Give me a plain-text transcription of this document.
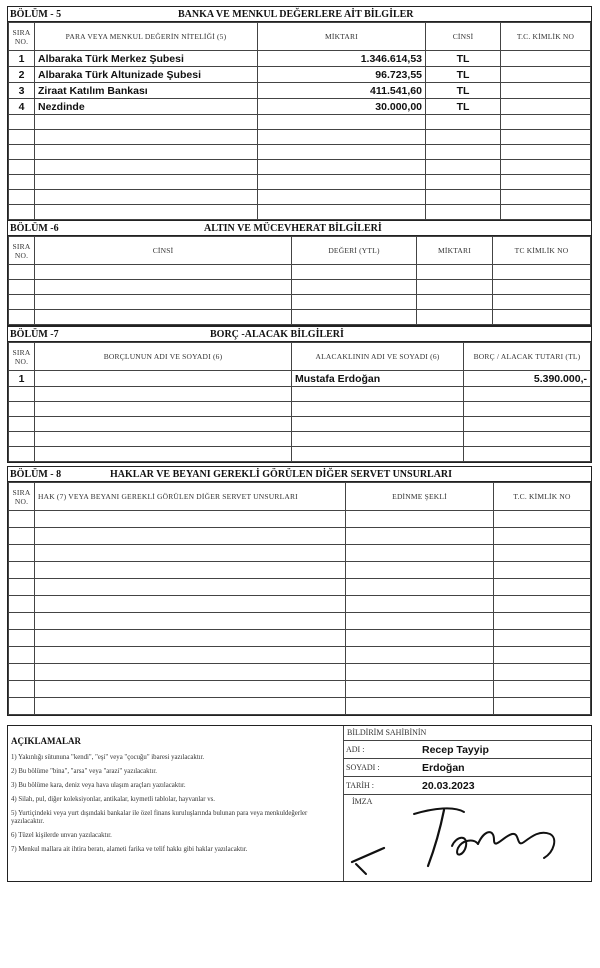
BÖLÜM - 5	BANKA VE MENKUL DEĞERLERE AİT BİLGİLER
SIRA NO.	PARA VEYA MENKUL DEĞERİN NİTELİĞİ (5)	MİKTARI	CİNSİ	T.C. KİMLİK NO
1	Albaraka Türk Merkez Şubesi	1.346.614,53	TL	
2	Albaraka Türk Altunizade Şubesi	96.723,55	TL	
3	Ziraat Katılım Bankası	411.541,60	TL	
4	Nezdinde	30.000,00	TL	

BÖLÜM -6	ALTIN VE MÜCEVHERAT BİLGİLERİ
SIRA NO.	CİNSİ	DEĞERİ (YTL)	MİKTARI	TC KİMLİK NO

BÖLÜM -7	BORÇ -ALACAK BİLGİLERİ
SIRA NO.	BORÇLUNUN ADI VE SOYADI (6)	ALACAKLININ ADI VE SOYADI (6)	BORÇ / ALACAK TUTARI (TL)
1		Mustafa Erdoğan	5.390.000,-

BÖLÜM - 8	HAKLAR VE BEYANI GEREKLİ GÖRÜLEN DİĞER SERVET UNSURLARI
SIRA NO.	HAK (7) VEYA BEYANI GEREKLİ GÖRÜLEN DİĞER SERVET UNSURLARI	EDİNME ŞEKLİ	T.C. KİMLİK NO

AÇIKLAMALAR
1) Yakınlığı sütununa "kendi", "eşi" veya "çocuğu" ibaresi yazılacaktır.
2) Bu bölüme "bina", "arsa" veya "arazi" yazılacaktır.
3) Bu bölüme kara, deniz veya hava ulaşım araçları yazılacaktır.
4) Silah, pul, diğer koleksiyonlar, antikalar, kıymetli tablolar, hayvanlar vs.
5) Yurtiçindeki veya yurt dışındaki bankalar ile özel finans kuruluşlarında bulunan para veya menkuldeğerler yazılacaktır.
6) Tüzel kişilerde unvan yazılacaktır.
7) Menkul mallara ait ihtira beratı, alameti farika ve telif hakkı gibi haklar yazılacaktır.
BİLDİRİM SAHİBİNİN
ADI :	Recep Tayyip
SOYADI :	Erdoğan
TARİH :	20.03.2023
İMZA
